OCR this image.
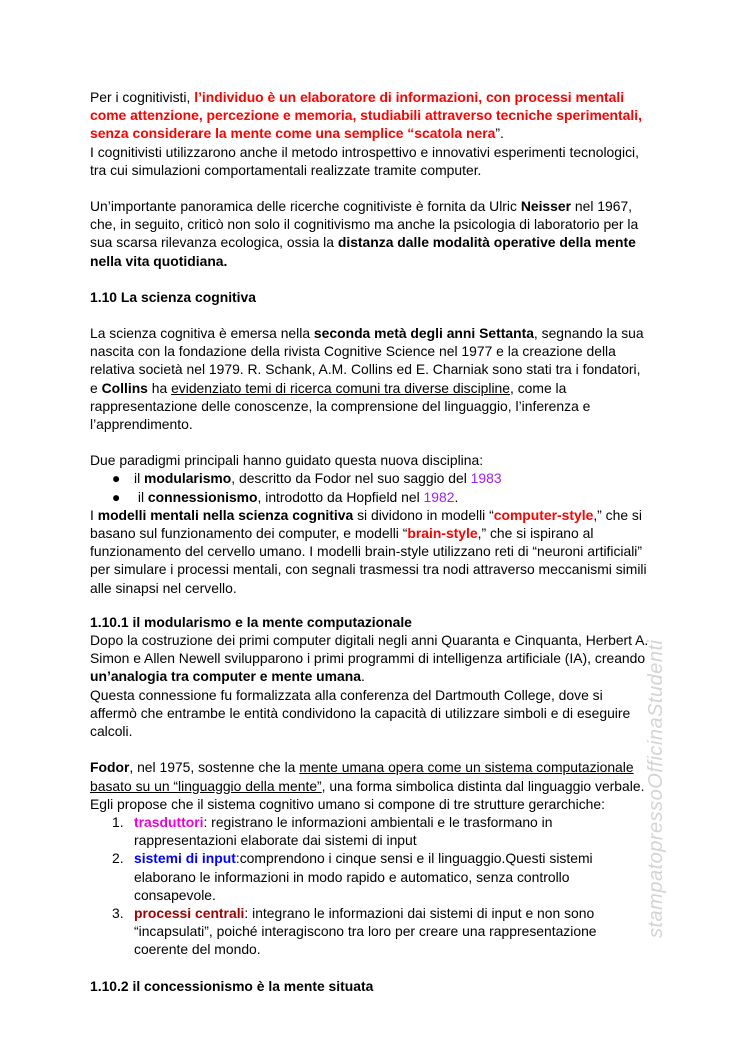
Per i cognitivisti, l’individuo è un elaboratore di informazioni, con processi mentali come attenzione, percezione e memoria, studiabili attraverso tecniche sperimentali, senza considerare la mente come una semplice “scatola nera”.

I cognitivisti utilizzarono anche il metodo introspettivo e innovativi esperimenti tecnologici, tra cui simulazioni comportamentali realizzate tramite computer.

Un’importante panoramica delle ricerche cognitiviste è fornita da Ulric Neisser nel 1967, che, in seguito, criticò non solo il cognitivismo ma anche la psicologia di laboratorio per la sua scarsa rilevanza ecologica, ossia la distanza dalle modalità operative della mente nella vita quotidiana.

1.10 La scienza cognitiva

La scienza cognitiva è emersa nella seconda metà degli anni Settanta, segnando la sua nascita con la fondazione della rivista Cognitive Science nel 1977 e la creazione della relativa società nel 1979. R. Schank, A.M. Collins ed E. Charniak sono stati tra i fondatori, e Collins ha evidenziato temi di ricerca comuni tra diverse discipline, come la rappresentazione delle conoscenze, la comprensione del linguaggio, l’inferenza e l’apprendimento.

Due paradigmi principali hanno guidato questa nuova disciplina:

● il modularismo, descritto da Fodor nel suo saggio del 1983
● il connessionismo, introdotto da Hopfield nel 1982.

I modelli mentali nella scienza cognitiva si dividono in modelli “computer-style,” che si basano sul funzionamento dei computer, e modelli “brain-style,” che si ispirano al funzionamento del cervello umano. I modelli brain-style utilizzano reti di “neuroni artificiali” per simulare i processi mentali, con segnali trasmessi tra nodi attraverso meccanismi simili alle sinapsi nel cervello.

1.10.1 il modularismo e la mente computazionale

Dopo la costruzione dei primi computer digitali negli anni Quaranta e Cinquanta, Herbert A. Simon e Allen Newell svilupparono i primi programmi di intelligenza artificiale (IA), creando un’analogia tra computer e mente umana.

Questa connessione fu formalizzata alla conferenza del Dartmouth College, dove si affermò che entrambe le entità condividono la capacità di utilizzare simboli e di eseguire calcoli.

Fodor, nel 1975, sostenne che la mente umana opera come un sistema computazionale basato su un “linguaggio della mente”, una forma simbolica distinta dal linguaggio verbale.

Egli propose che il sistema cognitivo umano si compone di tre strutture gerarchiche:

1. trasduttori: registrano le informazioni ambientali e le trasformano in rappresentazioni elaborate dai sistemi di input
2. sistemi di input:comprendono i cinque sensi e il linguaggio.Questi sistemi elaborano le informazioni in modo rapido e automatico, senza controllo consapevole.
3. processi centrali: integrano le informazioni dai sistemi di input e non sono “incapsulati”, poiché interagiscono tra loro per creare una rappresentazione coerente del mondo.
1.10.2 il concessionismo è la mente situata
stampatopressoOfficinaStudenti
